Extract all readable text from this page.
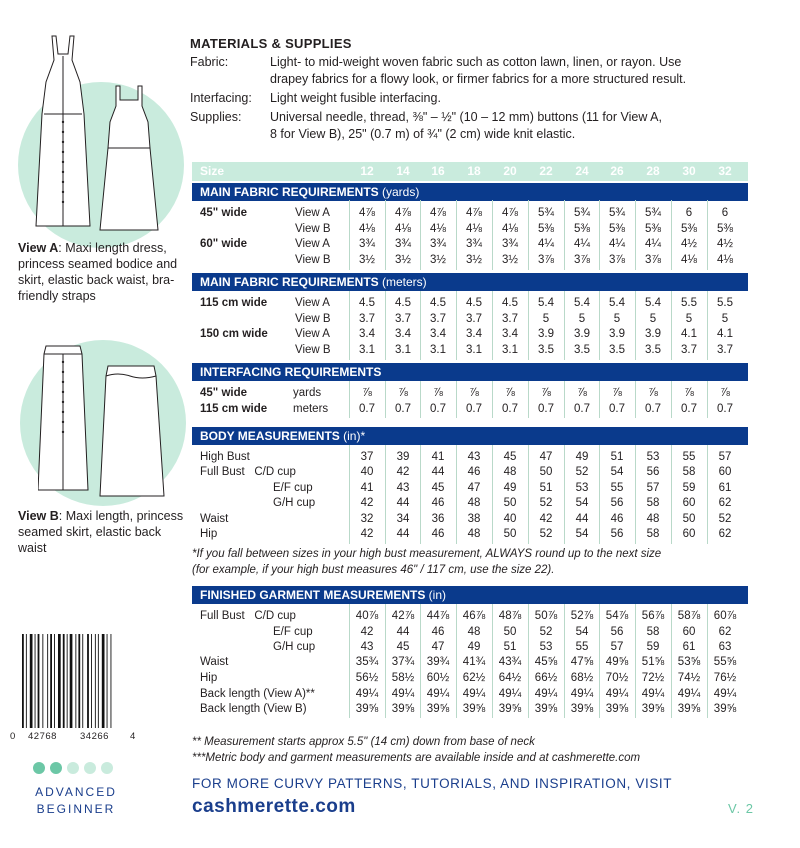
View A: Maxi length dress, princess seamed bodice and skirt, elastic back waist, bra-friendly straps
View B: Maxi length, princess seamed skirt, elastic back waist
0 42768 34266 4
ADVANCED
BEGINNER
MATERIALS & SUPPLIES
Fabric:	Light- to mid-weight woven fabric such as cotton lawn, linen, or rayon. Use
drapey fabrics for a flowy look, or firmer fabrics for a more structured result.
Interfacing:	Light weight fusible interfacing.
Supplies:	Universal needle, thread, ⅜" – ½" (10 – 12 mm) buttons (11 for View A,
8 for View B), 25" (0.7 m) of ¾" (2 cm) wide knit elastic.
Size	12 14 16 18 20 22 24 26 28 30 32
MAIN FABRIC REQUIREMENTS (yards)
MAIN FABRIC REQUIREMENTS (meters)
INTERFACING REQUIREMENTS
BODY MEASUREMENTS (in)*
FINISHED GARMENT MEASUREMENTS (in)
45" wide	View A	4⅞	4⅞	4⅞	4⅞	4⅞	5¾	5¾	5¾	5¾	6	6
View B	4⅛	4⅛	4⅛	4⅛	4⅛	5⅜	5⅜	5⅜	5⅜	5⅜	5⅜
60" wide	View A	3¾	3¾	3¾	3¾	3¾	4¼	4¼	4¼	4¼	4½	4½
View B	3½	3½	3½	3½	3½	3⅞	3⅞	3⅞	3⅞	4⅛	4⅛
115 cm wide View A	4.5	4.5	4.5	4.5	4.5	5.4	5.4	5.4	5.4	5.5	5.5
View B	3.7	3.7	3.7	3.7	3.7	5	5	5	5	5	5
150 cm wide View A	3.4	3.4	3.4	3.4	3.4	3.9	3.9	3.9	3.9	4.1	4.1
View B	3.1	3.1	3.1	3.1	3.1	3.5	3.5	3.5	3.5	3.7	3.7
45" wide	yards	⅞	⅞	⅞	⅞	⅞	⅞	⅞	⅞	⅞	⅞	⅞
115 cm wide meters	0.7	0.7	0.7	0.7	0.7	0.7	0.7	0.7	0.7	0.7	0.7
High Bust	37	39	41	43	45	47	49	51	53	55	57
Full Bust   C/D cup	40	42	44	46	48	50	52	54	56	58	60
E/F cup	41	43	45	47	49	51	53	55	57	59	61
G/H cup	42	44	46	48	50	52	54	56	58	60	62
Waist	32	34	36	38	40	42	44	46	48	50	52
Hip	42	44	46	48	50	52	54	56	58	60	62
Full Bust   C/D cup	40⅞	42⅞	44⅞	46⅞	48⅞	50⅞	52⅞	54⅞	56⅞	58⅞	60⅞
E/F cup	42	44	46	48	50	52	54	56	58	60	62
G/H cup	43	45	47	49	51	53	55	57	59	61	63
Waist	35¾	37¾	39¾	41¾	43¾	45⅝	47⅝	49⅝	51⅝	53⅝	55⅝
Hip	56½	58½	60½	62½	64½	66½	68½	70½	72½	74½	76½
Back length (View A)**	49¼	49¼	49¼	49¼	49¼	49¼	49¼	49¼	49¼	49¼	49¼
Back length (View B)	39⅝	39⅝	39⅝	39⅝	39⅝	39⅝	39⅝	39⅝	39⅝	39⅝	39⅝
*If you fall between sizes in your high bust measurement, ALWAYS round up to the next size
(for example, if your high bust measures 46" / 117 cm, use the size 22).
** Measurement starts approx 5.5" (14 cm) down from base of neck
***Metric body and garment measurements are available inside and at cashmerette.com
FOR MORE CURVY PATTERNS, TUTORIALS, AND INSPIRATION, VISIT
cashmerette.com	V. 2
